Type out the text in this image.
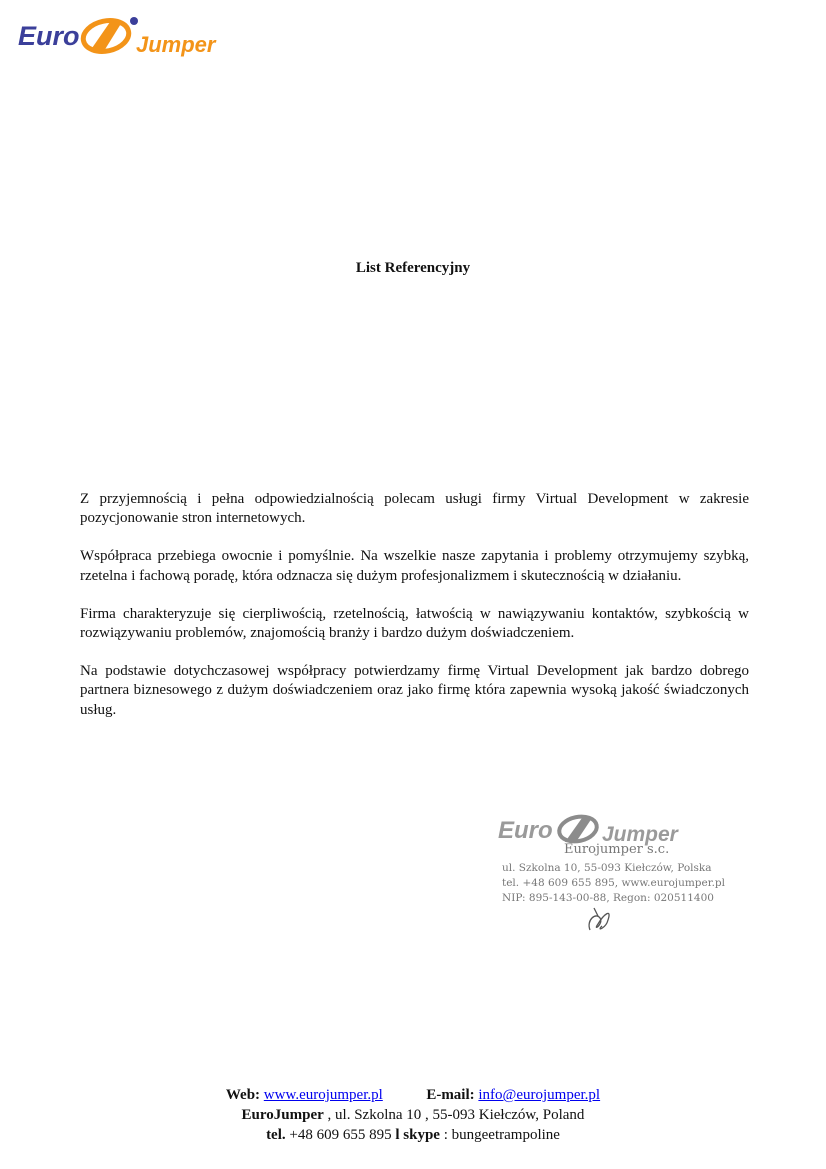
Euro	Jumper
List Referencyjny

Z przyjemnością i pełna odpowiedzialnością polecam usługi firmy Virtual Development w zakresie pozycjonowanie stron internetowych.

Współpraca przebiega owocnie i pomyślnie. Na wszelkie nasze zapytania i problemy otrzymujemy szybką, rzetelna i fachową poradę, która odznacza się dużym profesjonalizmem i skutecznością w działaniu.

Firma charakteryzuje się cierpliwością, rzetelnością, łatwością w nawiązywaniu kontaktów, szybkością w rozwiązywaniu problemów, znajomością branży i bardzo dużym doświadczeniem.

Na podstawie dotychczasowej współpracy potwierdzamy firmę Virtual Development jak bardzo dobrego partnera biznesowego z dużym doświadczeniem oraz jako firmę która zapewnia wysoką jakość świadczonych usług.

Euro Jumper
Eurojumper s.c.
ul. Szkolna 10, 55-093 Kiełczów, Polska
tel. +48 609 655 895, www.eurojumper.pl
NIP: 895-143-00-88, Regon: 020511400
Web: www.eurojumper.pl	E-mail: info@eurojumper.pl
EuroJumper , ul. Szkolna 10 , 55-093 Kiełczów, Poland
tel. +48 609 655 895 l skype : bungeetrampoline
